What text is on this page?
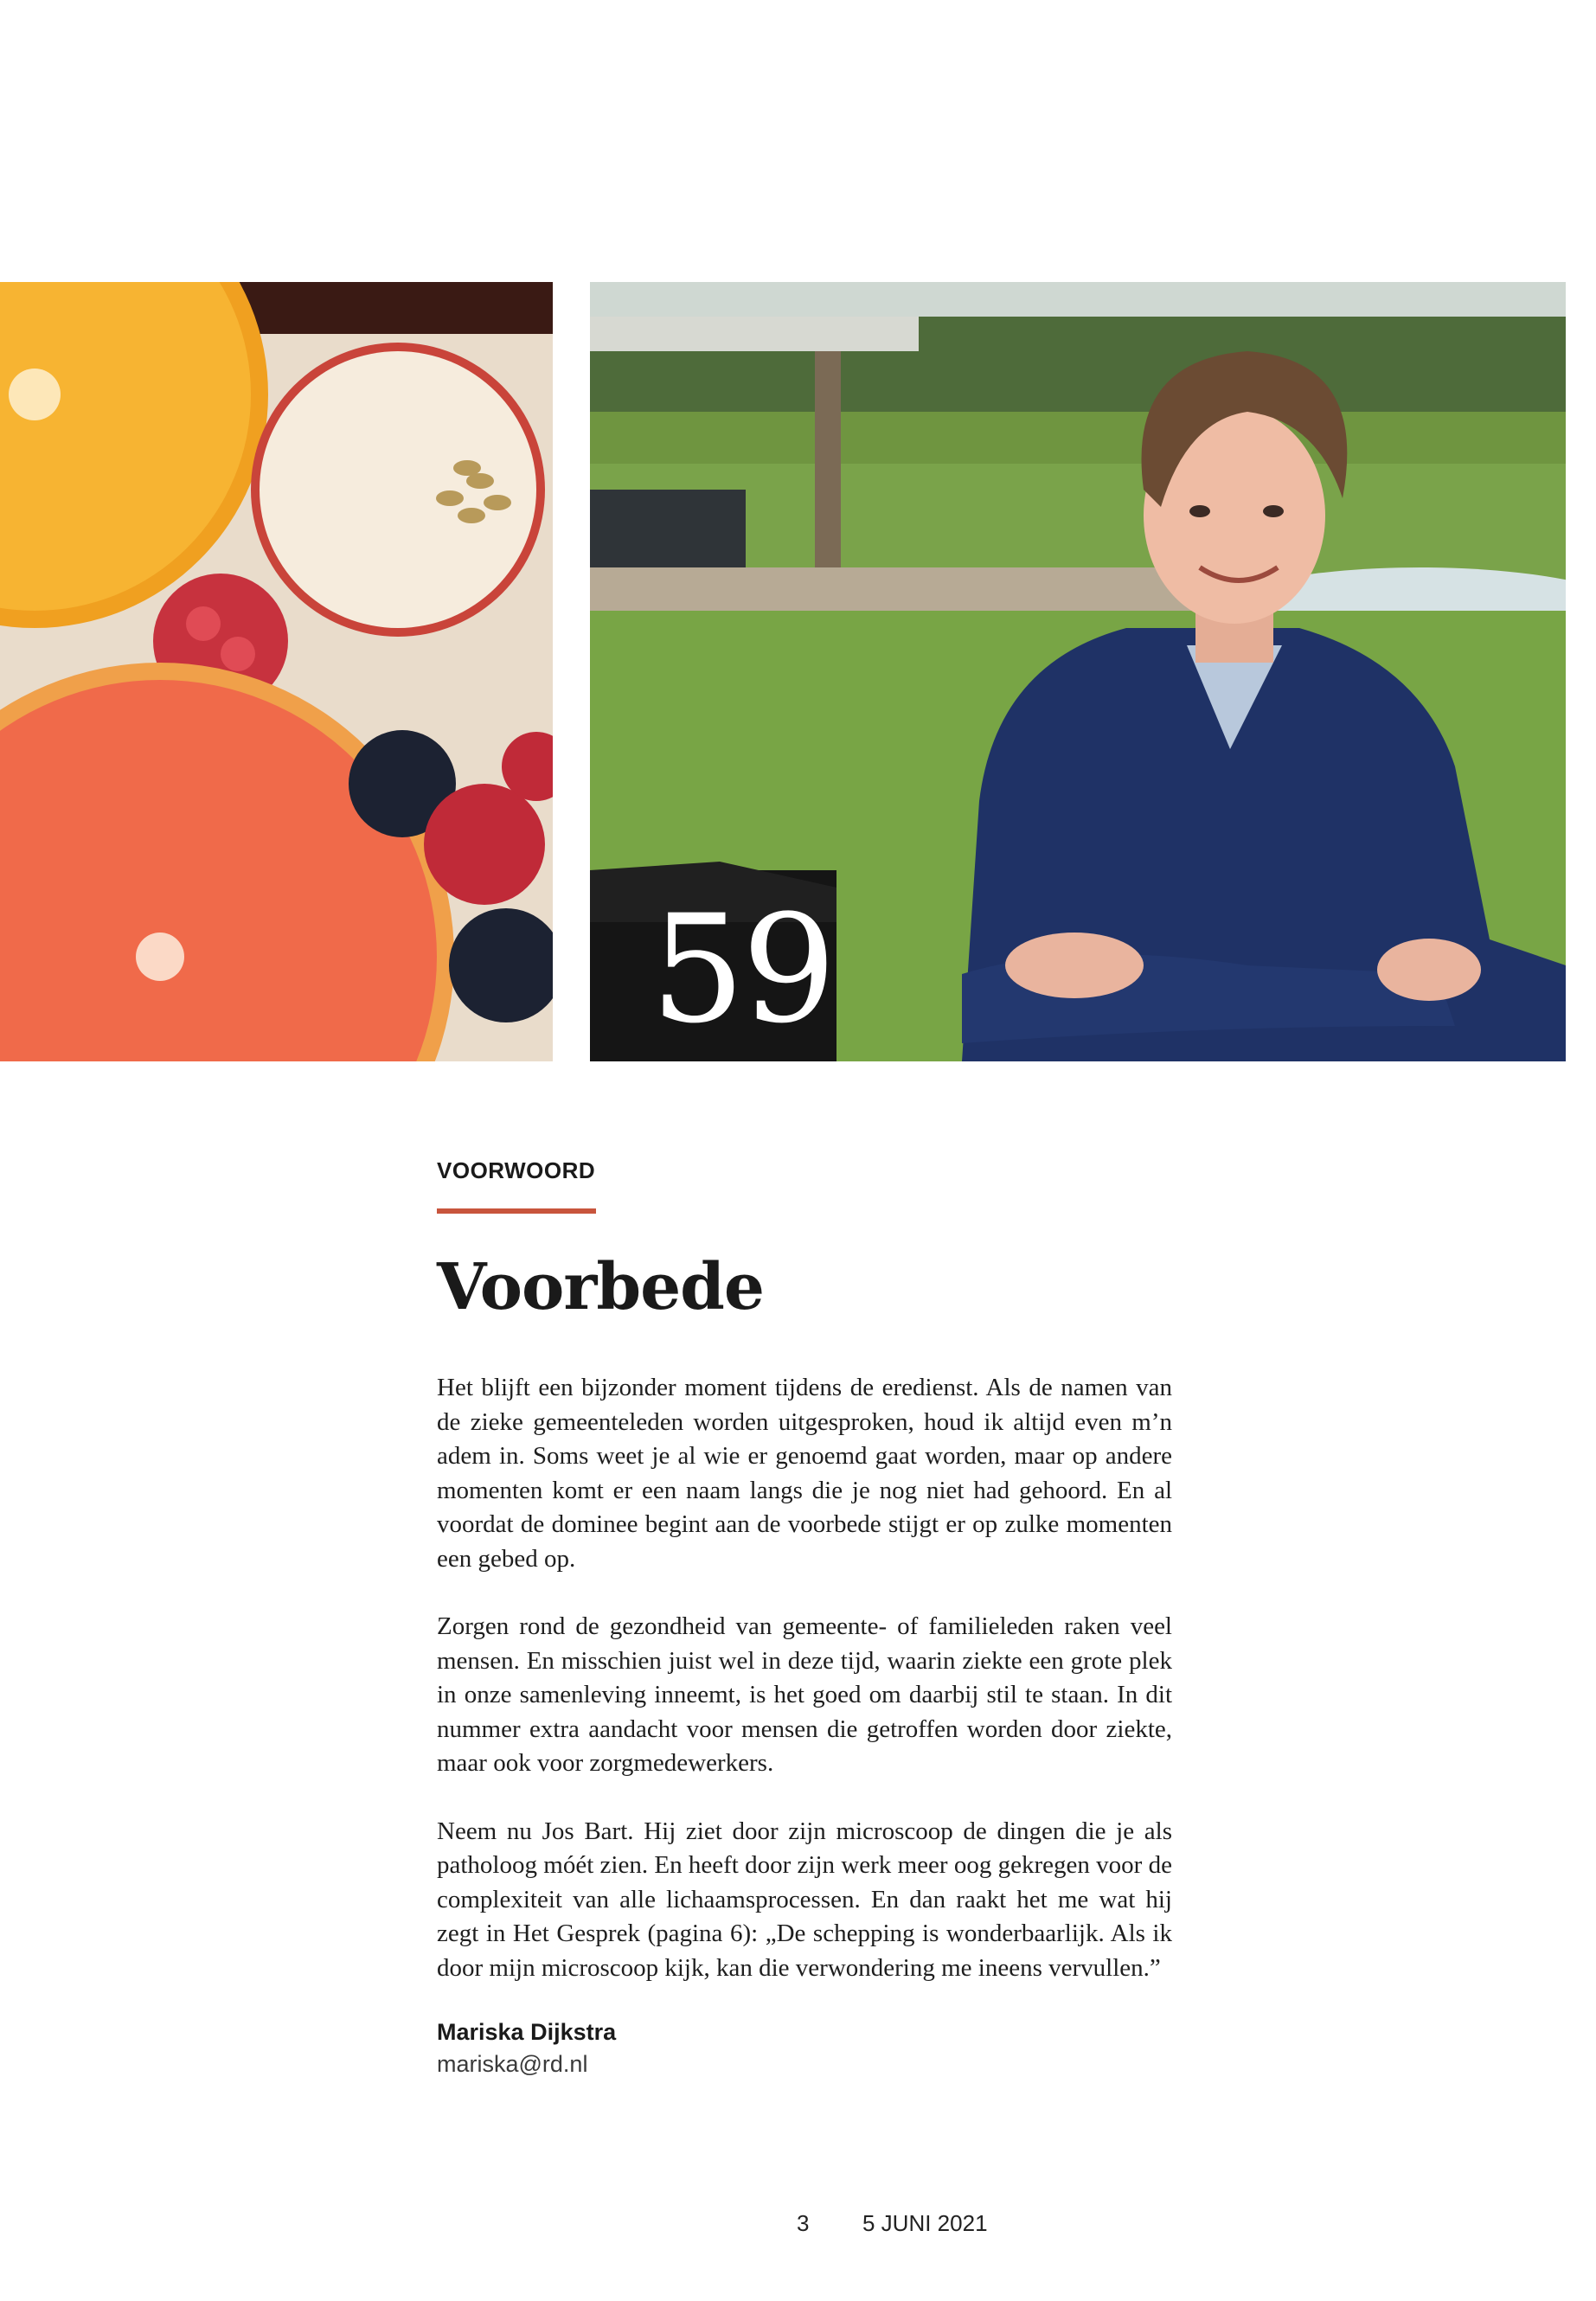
59

VOORWOORD

Voorbede

Het blijft een bijzonder moment tijdens de eredienst. Als de namen van de zieke gemeenteleden worden uitgesproken, houd ik altijd even m’n adem in. Soms weet je al wie er genoemd gaat worden, maar op andere momenten komt er een naam langs die je nog niet had gehoord. En al voordat de dominee begint aan de voorbede stijgt er op zulke momenten een gebed op.

Zorgen rond de gezondheid van gemeente- of familieleden raken veel mensen. En misschien juist wel in deze tijd, waarin ziekte een grote plek in onze samenleving inneemt, is het goed om daarbij stil te staan. In dit nummer extra aandacht voor mensen die getroffen worden door ziekte, maar ook voor zorgmedewerkers.

Neem nu Jos Bart. Hij ziet door zijn microscoop de dingen die je als patholoog móét zien. En heeft door zijn werk meer oog gekregen voor de complexiteit van alle lichaamsprocessen. En dan raakt het me wat hij zegt in Het Gesprek (pagina 6): „De schepping is wonderbaarlijk. Als ik door mijn microscoop kijk, kan die verwondering me ineens vervullen.”

Mariska Dijkstra
mariska@rd.nl
3 5 JUNI 2021
